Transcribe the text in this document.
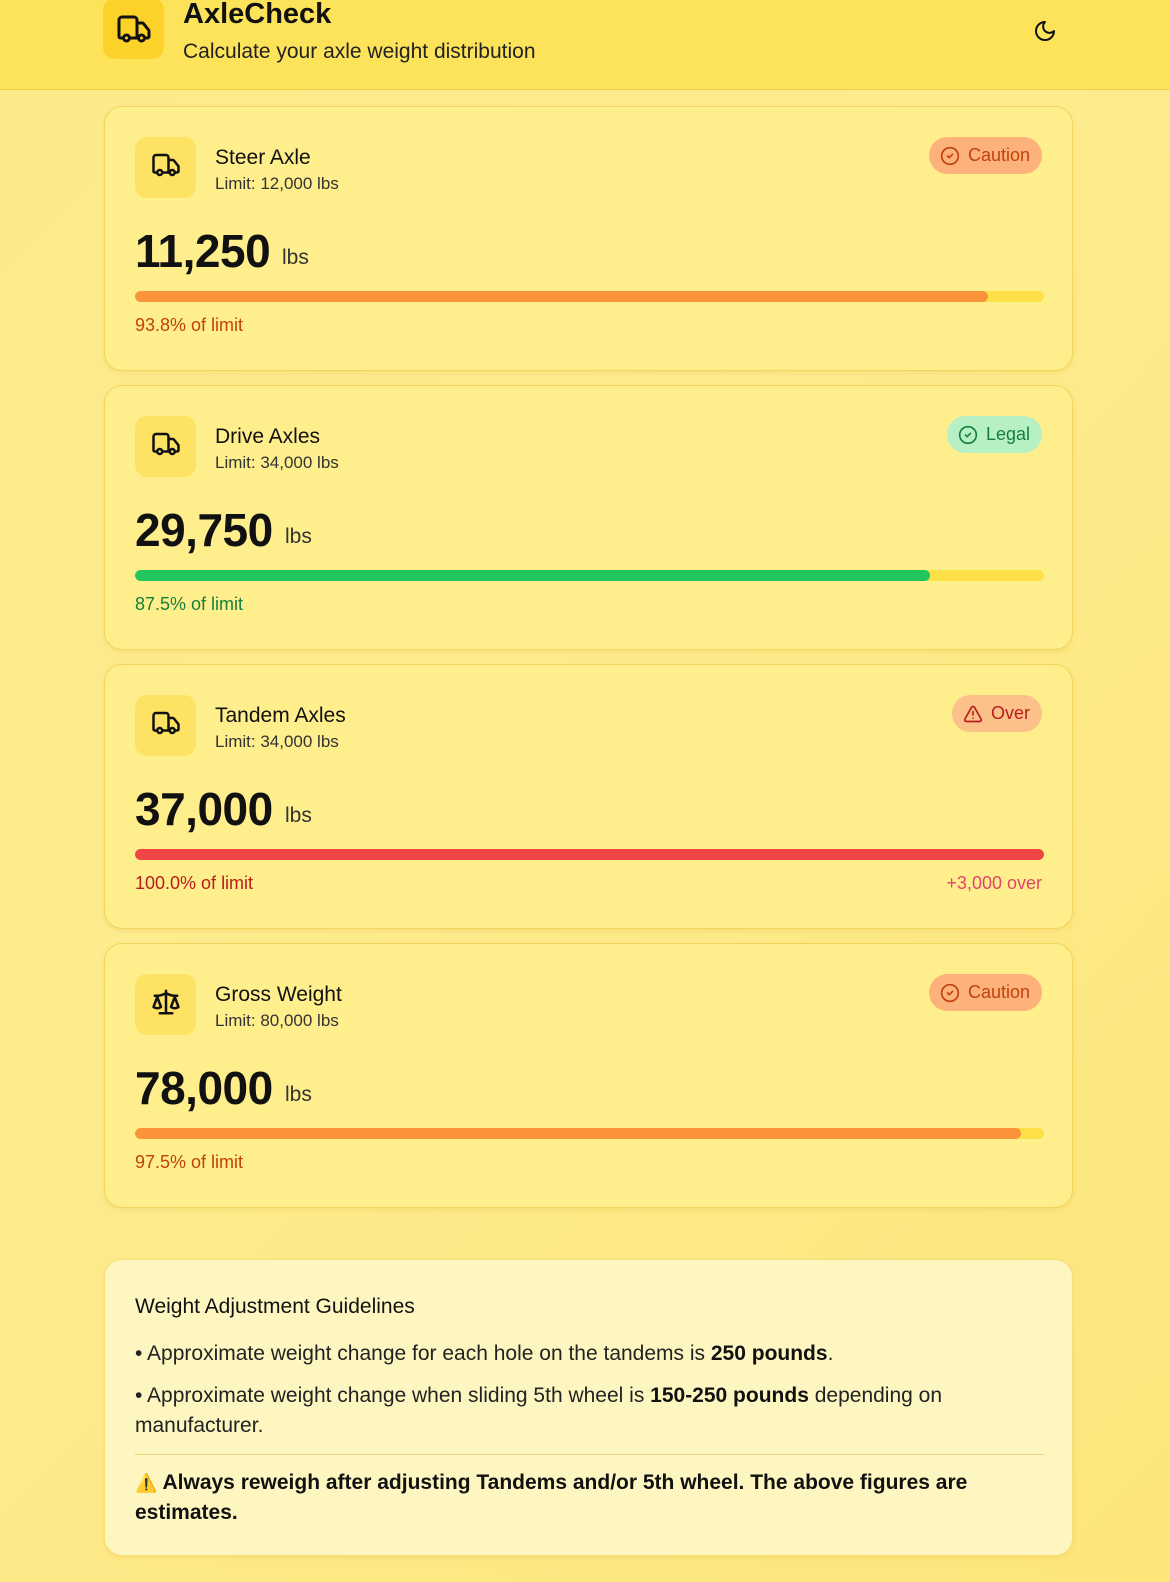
AxleCheck
Calculate your axle weight distribution
Steer Axle
Limit: 12,000 lbs
Caution
11,250 lbs
93.8% of limit
Drive Axles
Limit: 34,000 lbs
Legal
29,750 lbs
87.5% of limit
Tandem Axles
Limit: 34,000 lbs
Over
37,000 lbs
100.0% of limit	+3,000 over
Gross Weight
Limit: 80,000 lbs
Caution
78,000 lbs
97.5% of limit
Weight Adjustment Guidelines
• Approximate weight change for each hole on the tandems is 250 pounds.
• Approximate weight change when sliding 5th wheel is 150-250 pounds depending on manufacturer.
⚠️ Always reweigh after adjusting Tandems and/or 5th wheel. The above figures are estimates.
